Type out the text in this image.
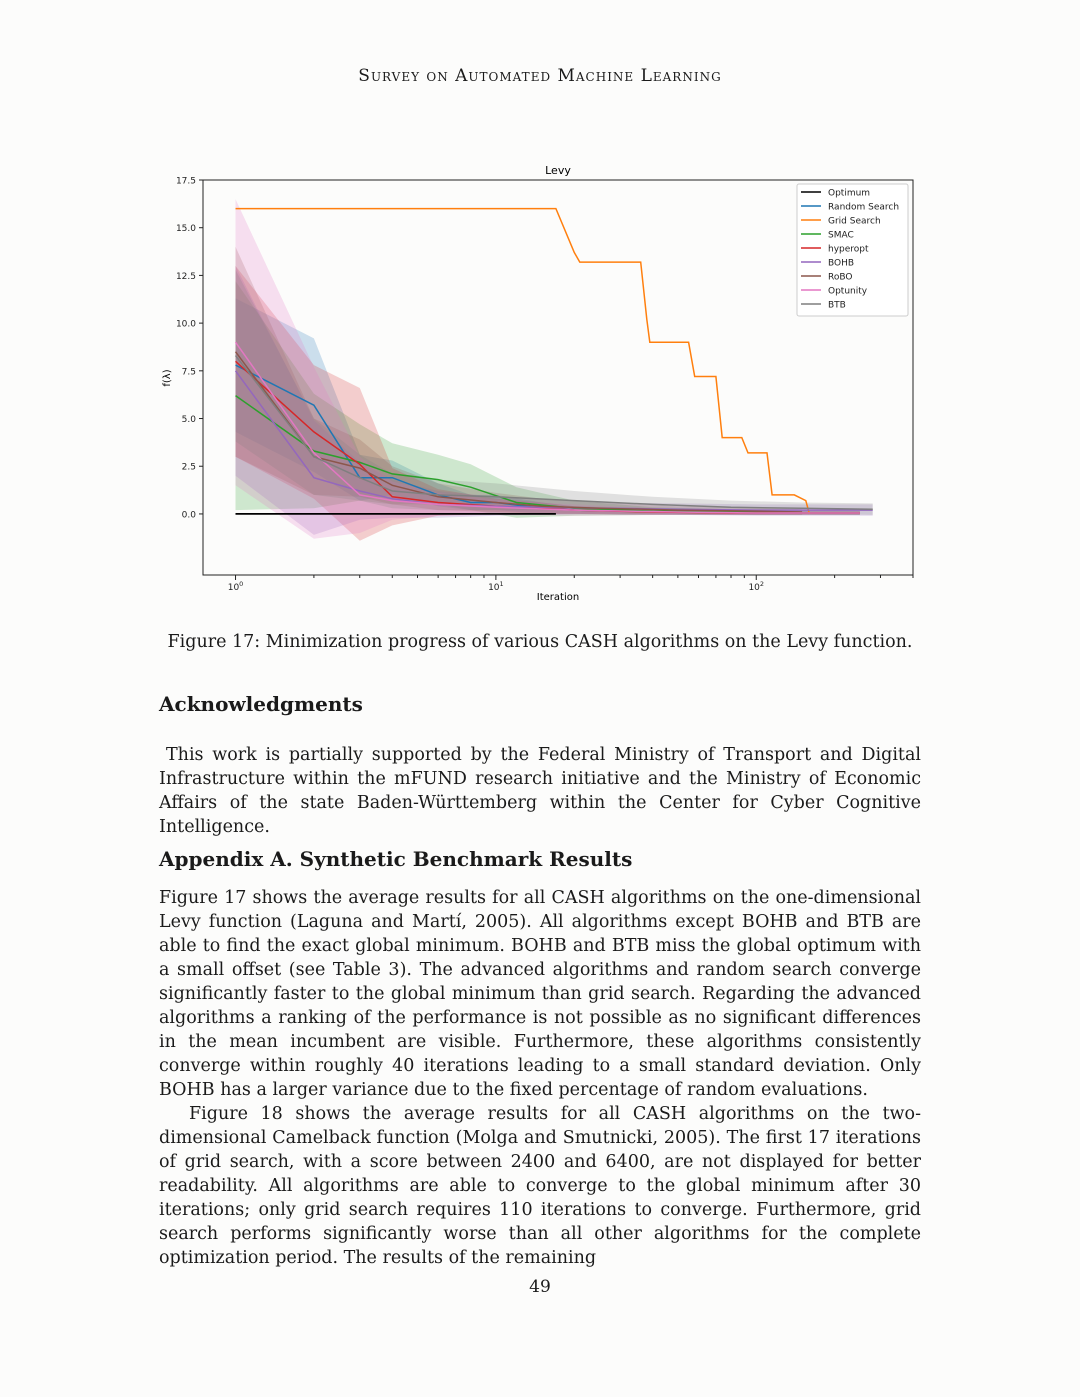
Survey on Automated Machine Learning
Levy
0.0
2.5
5.0
7.5
10.0
12.5
15.0
17.5
$10^0$	$10^1$	$10^2$
f(λ)
Iteration
Optimum
Random Search
Grid Search
SMAC
hyperopt
BOHB
RoBO
Optunity
BTB
Figure 17: Minimization progress of various CASH algorithms on the Levy function.
Acknowledgments

This work is partially supported by the Federal Ministry of Transport and Digital Infrastructure within the mFUND research initiative and the Ministry of Economic Affairs of the state Baden-Württemberg within the Center for Cyber Cognitive Intelligence.

Appendix A. Synthetic Benchmark Results

Figure 17 shows the average results for all CASH algorithms on the one-dimensional Levy function (Laguna and Martí, 2005). All algorithms except BOHB and BTB are able to find the exact global minimum. BOHB and BTB miss the global optimum with a small offset (see Table 3). The advanced algorithms and random search converge significantly faster to the global minimum than grid search. Regarding the advanced algorithms a ranking of the performance is not possible as no significant differences in the mean incumbent are visible. Furthermore, these algorithms consistently converge within roughly 40 iterations leading to a small standard deviation. Only BOHB has a larger variance due to the fixed percentage of random evaluations.

Figure 18 shows the average results for all CASH algorithms on the two-dimensional Camelback function (Molga and Smutnicki, 2005). The first 17 iterations of grid search, with a score between 2400 and 6400, are not displayed for better readability. All algorithms are able to converge to the global minimum after 30 iterations; only grid search requires 110 iterations to converge. Furthermore, grid search performs significantly worse than all other algorithms for the complete optimization period. The results of the remaining

49
